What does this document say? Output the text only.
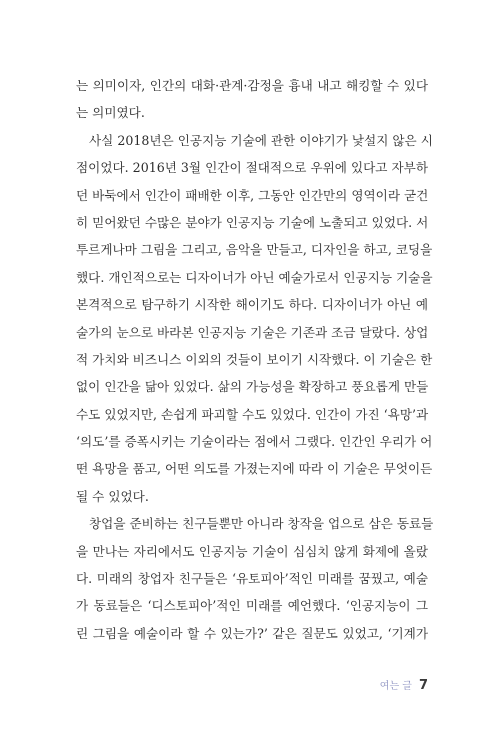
는 의미이자, 인간의 대화·관계·감정을 흉내 내고 해킹할 수 있다
는 의미였다.
사실 2018년은 인공지능 기술에 관한 이야기가 낯설지 않은 시
점이었다. 2016년 3월 인간이 절대적으로 우위에 있다고 자부하
던 바둑에서 인간이 패배한 이후, 그동안 인간만의 영역이라 굳건
히 믿어왔던 수많은 분야가 인공지능 기술에 노출되고 있었다. 서
투르게나마 그림을 그리고, 음악을 만들고, 디자인을 하고, 코딩을
했다. 개인적으로는 디자이너가 아닌 예술가로서 인공지능 기술을
본격적으로 탐구하기 시작한 해이기도 하다. 디자이너가 아닌 예
술가의 눈으로 바라본 인공지능 기술은 기존과 조금 달랐다. 상업
적 가치와 비즈니스 이외의 것들이 보이기 시작했다. 이 기술은 한
없이 인간을 닮아 있었다. 삶의 가능성을 확장하고 풍요롭게 만들
수도 있었지만, 손쉽게 파괴할 수도 있었다. 인간이 가진 ‘욕망’과
‘의도’를 증폭시키는 기술이라는 점에서 그랬다. 인간인 우리가 어
떤 욕망을 품고, 어떤 의도를 가졌는지에 따라 이 기술은 무엇이든
될 수 있었다.
창업을 준비하는 친구들뿐만 아니라 창작을 업으로 삼은 동료들
을 만나는 자리에서도 인공지능 기술이 심심치 않게 화제에 올랐
다. 미래의 창업자 친구들은 ‘유토피아’적인 미래를 꿈꿨고, 예술
가 동료들은 ‘디스토피아’적인 미래를 예언했다. ‘인공지능이 그
린 그림을 예술이라 할 수 있는가?’ 같은 질문도 있었고, ‘기계가
여는 글 7
